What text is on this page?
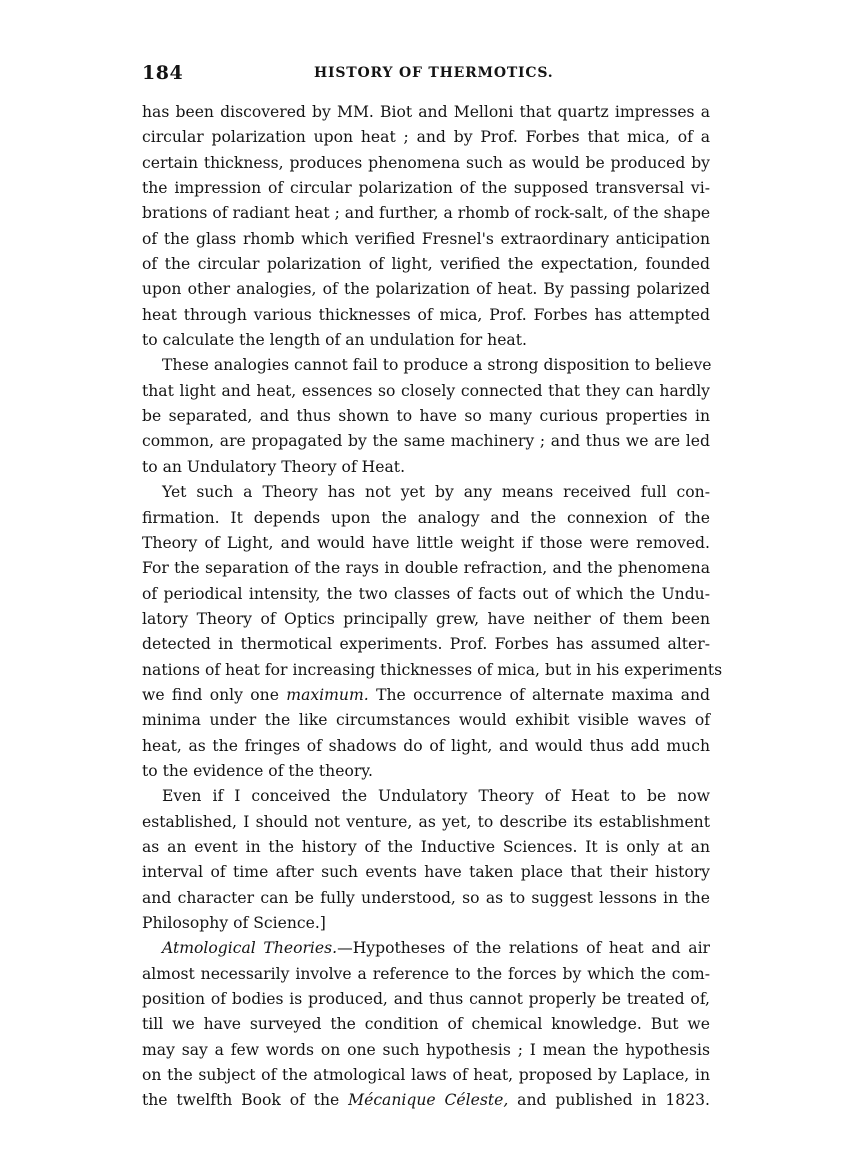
184	HISTORY OF THERMOTICS.
has been discovered by MM. Biot and Melloni that quartz impresses a
circular polarization upon heat ; and by Prof. Forbes that mica, of a
certain thickness, produces phenomena such as would be produced by
the impression of circular polarization of the supposed transversal vi-
brations of radiant heat ; and further, a rhomb of rock-salt, of the shape
of the glass rhomb which verified Fresnel's extraordinary anticipation
of the circular polarization of light, verified the expectation, founded
upon other analogies, of the polarization of heat. By passing polarized
heat through various thicknesses of mica, Prof. Forbes has attempted
to calculate the length of an undulation for heat.
These analogies cannot fail to produce a strong disposition to believe
that light and heat, essences so closely connected that they can hardly
be separated, and thus shown to have so many curious properties in
common, are propagated by the same machinery ; and thus we are led
to an Undulatory Theory of Heat.
Yet such a Theory has not yet by any means received full con-
firmation. It depends upon the analogy and the connexion of the
Theory of Light, and would have little weight if those were removed.
For the separation of the rays in double refraction, and the phenomena
of periodical intensity, the two classes of facts out of which the Undu-
latory Theory of Optics principally grew, have neither of them been
detected in thermotical experiments. Prof. Forbes has assumed alter-
nations of heat for increasing thicknesses of mica, but in his experiments
we find only one maximum. The occurrence of alternate maxima and
minima under the like circumstances would exhibit visible waves of
heat, as the fringes of shadows do of light, and would thus add much
to the evidence of the theory.
Even if I conceived the Undulatory Theory of Heat to be now
established, I should not venture, as yet, to describe its establishment
as an event in the history of the Inductive Sciences. It is only at an
interval of time after such events have taken place that their history
and character can be fully understood, so as to suggest lessons in the
Philosophy of Science.]
Atmological Theories.—Hypotheses of the relations of heat and air
almost necessarily involve a reference to the forces by which the com-
position of bodies is produced, and thus cannot properly be treated of,
till we have surveyed the condition of chemical knowledge. But we
may say a few words on one such hypothesis ; I mean the hypothesis
on the subject of the atmological laws of heat, proposed by Laplace, in
the twelfth Book of the Mécanique Céleste, and published in 1823.
